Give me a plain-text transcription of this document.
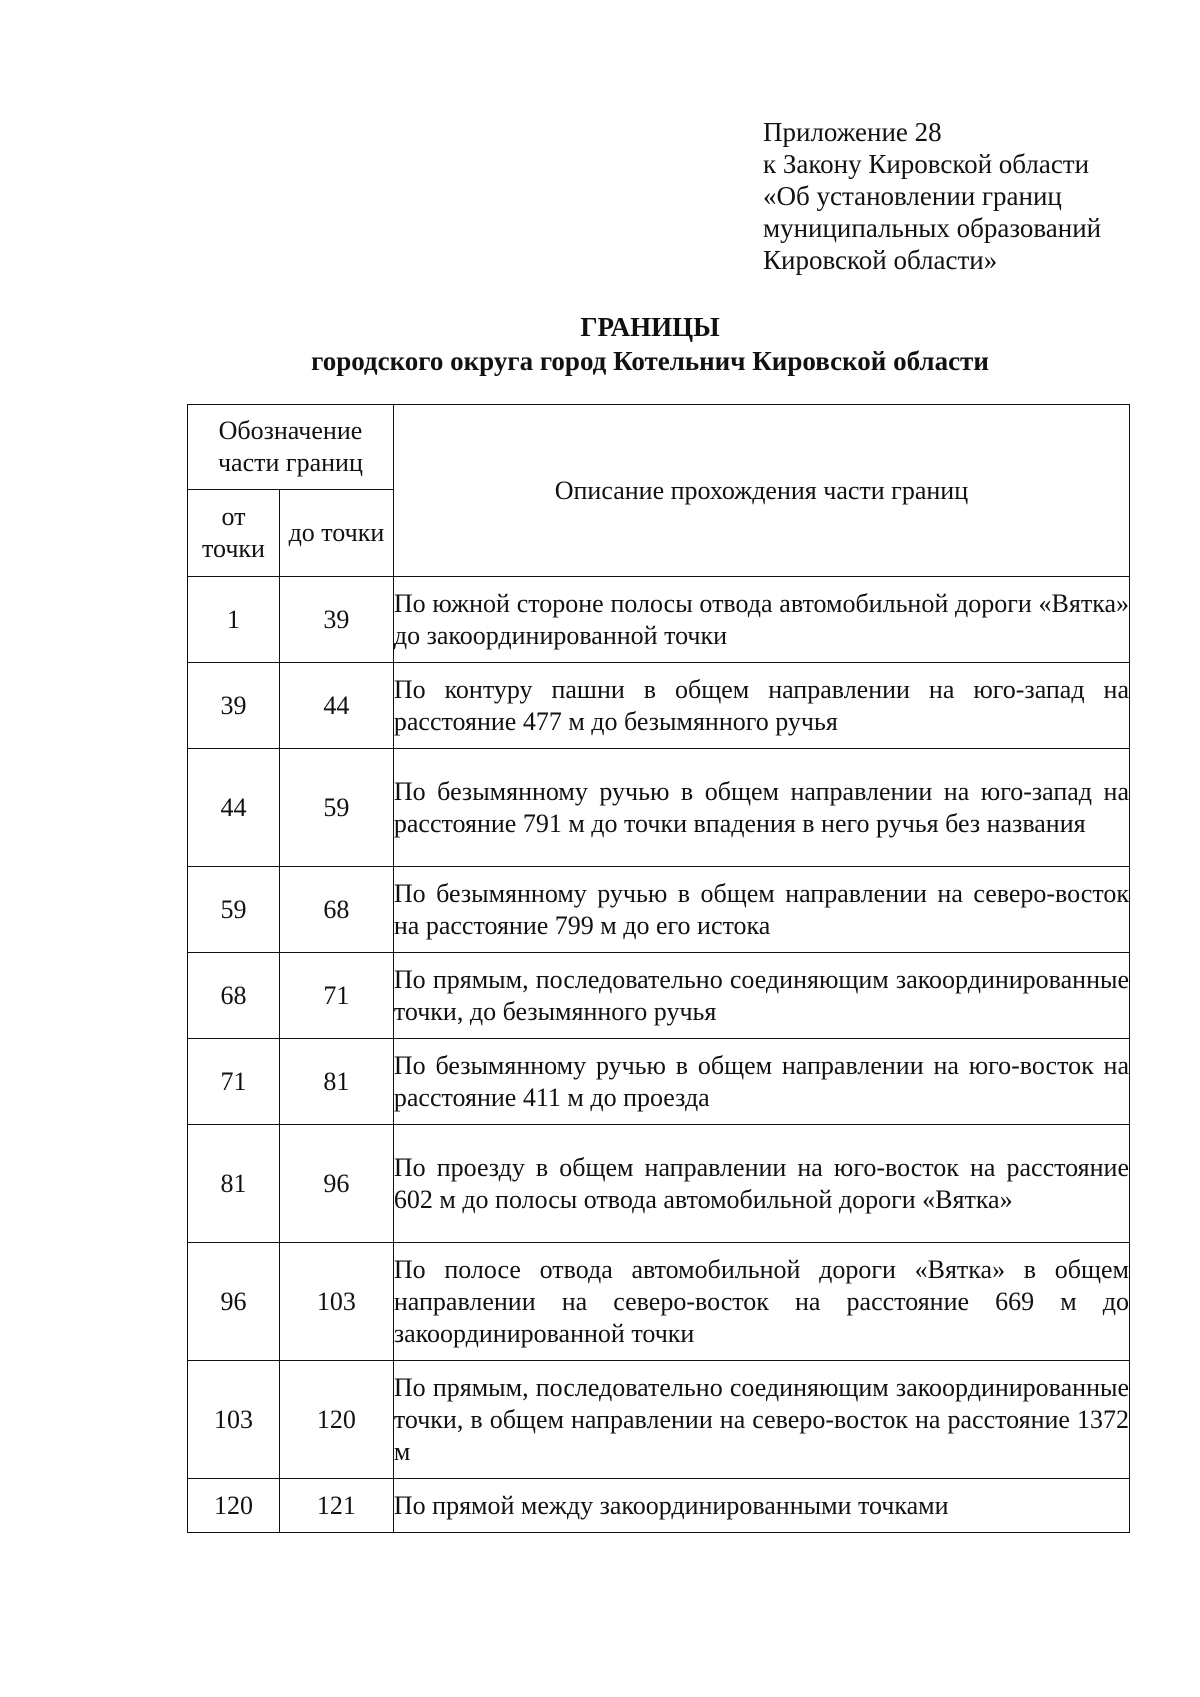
Приложение 28
к Закону Кировской области
«Об установлении границ
муниципальных образований
Кировской области»
ГРАНИЦЫ
городского округа город Котельнич Кировской области
Обозначение части границ		Описание прохождения части границ
от точки	до точки	
1	39	По южной стороне полосы отвода автомобильной дороги «Вятка» до закоординированной точки
39	44	По контуру пашни в общем направлении на юго-запад на расстояние 477 м до безымянного ручья
44	59	По безымянному ручью в общем направлении на юго-запад на расстояние 791 м до точки впадения в него ручья без названия
59	68	По безымянному ручью в общем направлении на северо-восток на расстояние 799 м до его истока
68	71	По прямым, последовательно соединяющим закоординированные точки, до безымянного ручья
71	81	По безымянному ручью в общем направлении на юго-восток на расстояние 411 м до проезда
81	96	По проезду в общем направлении на юго-восток на расстояние 602 м до полосы отвода автомобильной дороги «Вятка»
96	103	По полосе отвода автомобильной дороги «Вятка» в общем направлении на северо-восток на расстояние 669 м до закоординированной точки
103	120	По прямым, последовательно соединяющим закоординированные точки, в общем направлении на северо-восток на расстояние 1372 м
120	121	По прямой между закоординированными точками
